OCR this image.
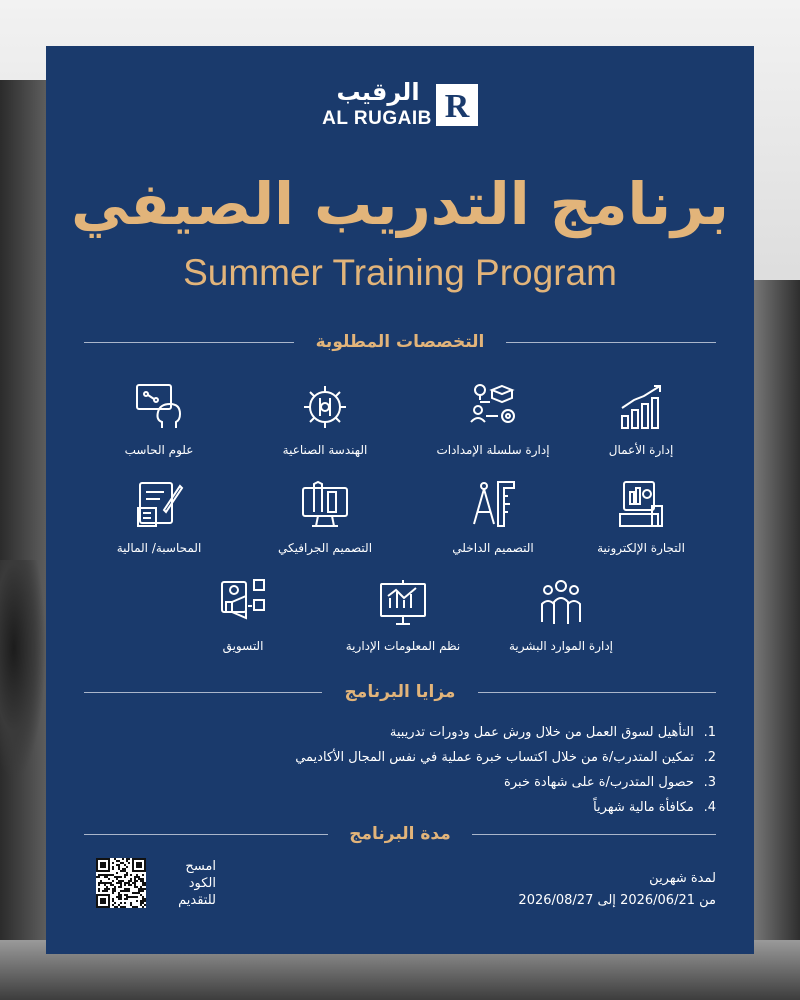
الرقيب
AL RUGAIB R
برنامج التدريب الصيفي
Summer Training Program
التخصصات المطلوبة
إدارة الأعمال
إدارة سلسلة الإمدادات
الهندسة الصناعية
علوم الحاسب
التجارة الإلكترونية
التصميم الداخلي
التصميم الجرافيكي
المحاسبة/ المالية
إدارة الموارد البشرية
نظم المعلومات الإدارية
التسويق
مزايا البرنامج
1. التأهيل لسوق العمل من خلال ورش عمل ودورات تدريبية
2. تمكين المتدرب/ة من خلال اكتساب خبرة عملية في نفس المجال الأكاديمي
3. حصول المتدرب/ة على شهادة خبرة
4. مكافأة مالية شهرياً
مدة البرنامج
لمدة شهرين
من 2026/06/21 إلى 2026/08/27
امسح
الكود
للتقديم
